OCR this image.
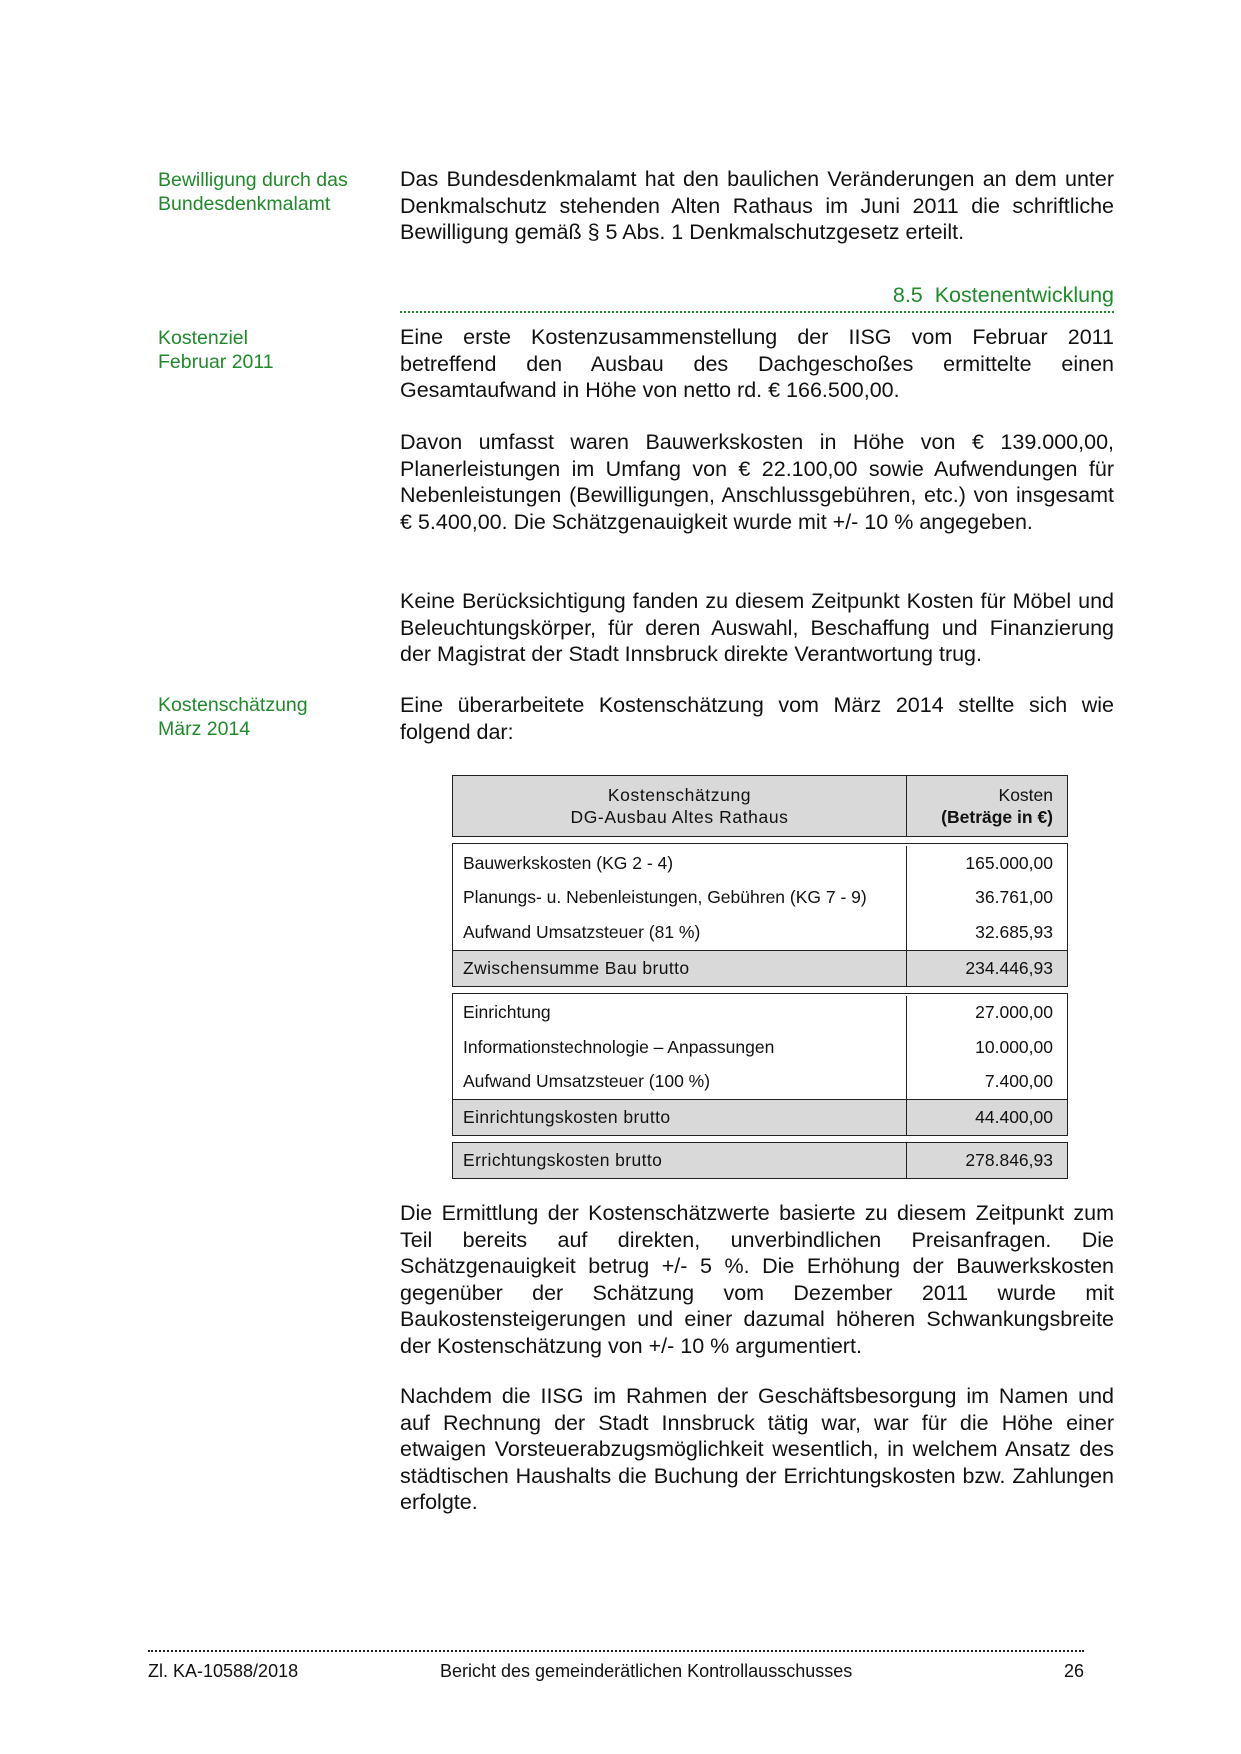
Bewilligung durch das
Bundesdenkmalamt

Das Bundesdenkmalamt hat den baulichen Veränderungen an dem unter Denkmalschutz stehenden Alten Rathaus im Juni 2011 die schriftliche Bewilligung gemäß § 5 Abs. 1 Denkmalschutzgesetz erteilt.

8.5 Kostenentwicklung
Kostenziel
Februar 2011

Eine erste Kostenzusammenstellung der IISG vom Februar 2011 betreffend den Ausbau des Dachgeschoßes ermittelte einen Gesamtaufwand in Höhe von netto rd. € 166.500,00.

Davon umfasst waren Bauwerkskosten in Höhe von € 139.000,00, Planerleistungen im Umfang von € 22.100,00 sowie Aufwendungen für Nebenleistungen (Bewilligungen, Anschlussgebühren, etc.) von insgesamt € 5.400,00. Die Schätzgenauigkeit wurde mit +/- 10 % angegeben.

Keine Berücksichtigung fanden zu diesem Zeitpunkt Kosten für Möbel und Beleuchtungskörper, für deren Auswahl, Beschaffung und Finanzierung der Magistrat der Stadt Innsbruck direkte Verantwortung trug.

Kostenschätzung
März 2014

Eine überarbeitete Kostenschätzung vom März 2014 stellte sich wie folgend dar:

Kostenschätzung
DG-Ausbau Altes Rathaus
Kosten
(Beträge in €)
Bauwerkskosten (KG 2 - 4)	165.000,00
Planungs- u. Nebenleistungen, Gebühren (KG 7 - 9)	36.761,00
Aufwand Umsatzsteuer (81 %)	32.685,93
Zwischensumme Bau brutto	234.446,93
Einrichtung	27.000,00
Informationstechnologie – Anpassungen	10.000,00
Aufwand Umsatzsteuer (100 %)	7.400,00
Einrichtungskosten brutto	44.400,00
Errichtungskosten brutto	278.846,93

Die Ermittlung der Kostenschätzwerte basierte zu diesem Zeitpunkt zum Teil bereits auf direkten, unverbindlichen Preisanfragen. Die Schätzgenauigkeit betrug +/- 5 %. Die Erhöhung der Bauwerkskosten gegenüber der Schätzung vom Dezember 2011 wurde mit Baukostensteigerungen und einer dazumal höheren Schwankungsbreite der Kostenschätzung von +/- 10 % argumentiert.

Nachdem die IISG im Rahmen der Geschäftsbesorgung im Namen und auf Rechnung der Stadt Innsbruck tätig war, war für die Höhe einer etwaigen Vorsteuerabzugsmöglichkeit wesentlich, in welchem Ansatz des städtischen Haushalts die Buchung der Errichtungskosten bzw. Zahlungen erfolgte.

Zl. KA-10588/2018	Bericht des gemeinderätlichen Kontrollausschusses	26
